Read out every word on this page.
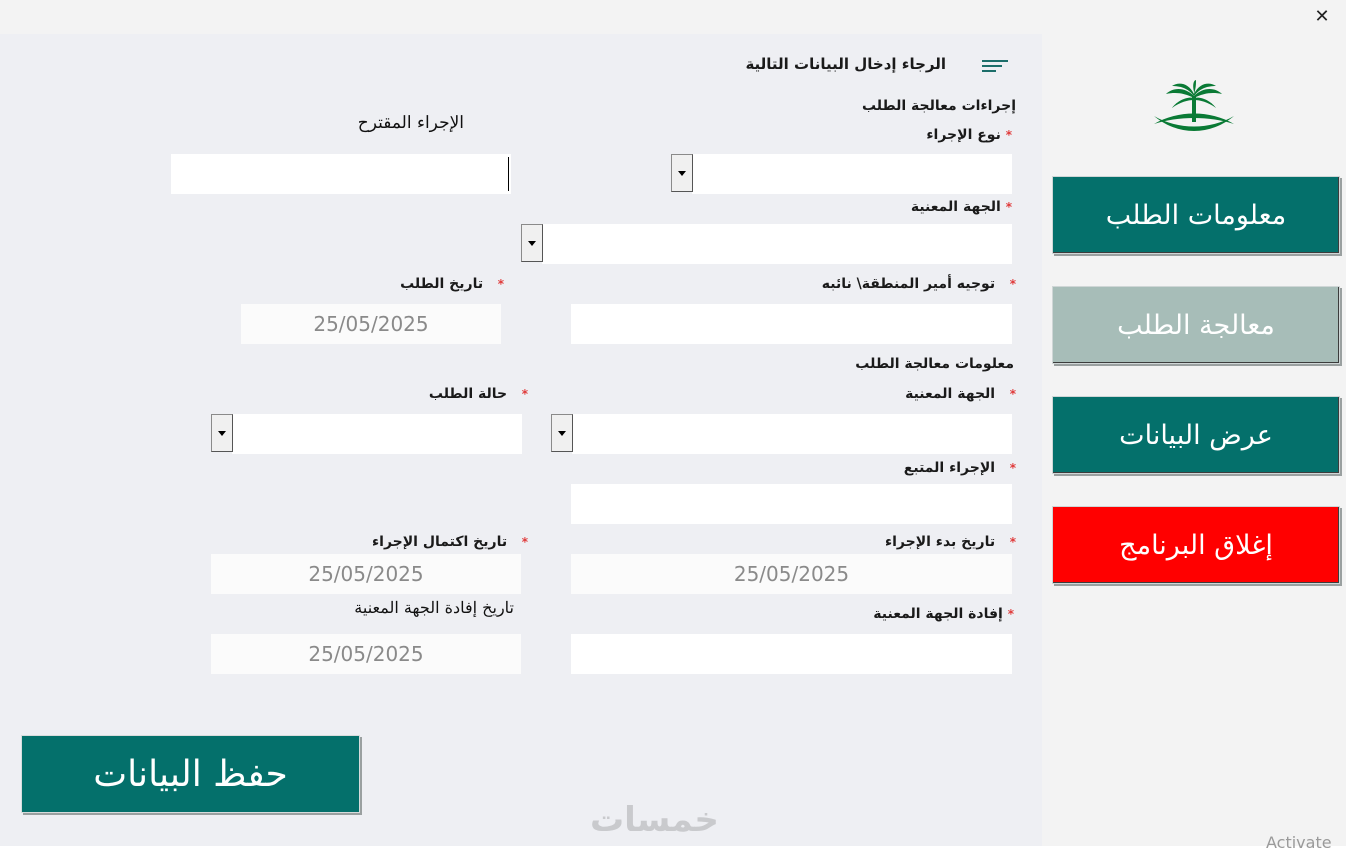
✕
الرجاء إدخال البيانات التالية
إجراءات معالجة الطلب
الإجراء المقترح
* نوع الإجراء
* الجهة المعنية
*   توجيه أمير المنطقة\ نائبه
*   تاريخ الطلب
25/05/2025
معلومات معالجة الطلب
*   الجهة المعنية
*   حالة الطلب
*   الإجراء المتبع
*   تاريخ بدء الإجراء
25/05/2025
*   تاريخ اكتمال الإجراء
25/05/2025
* إفادة الجهة المعنية
تاريخ إفادة الجهة المعنية
25/05/2025
حفظ البيانات
خمسات
معلومات الطلب
معالجة الطلب
عرض البيانات
إغلاق البرنامج
Activate
